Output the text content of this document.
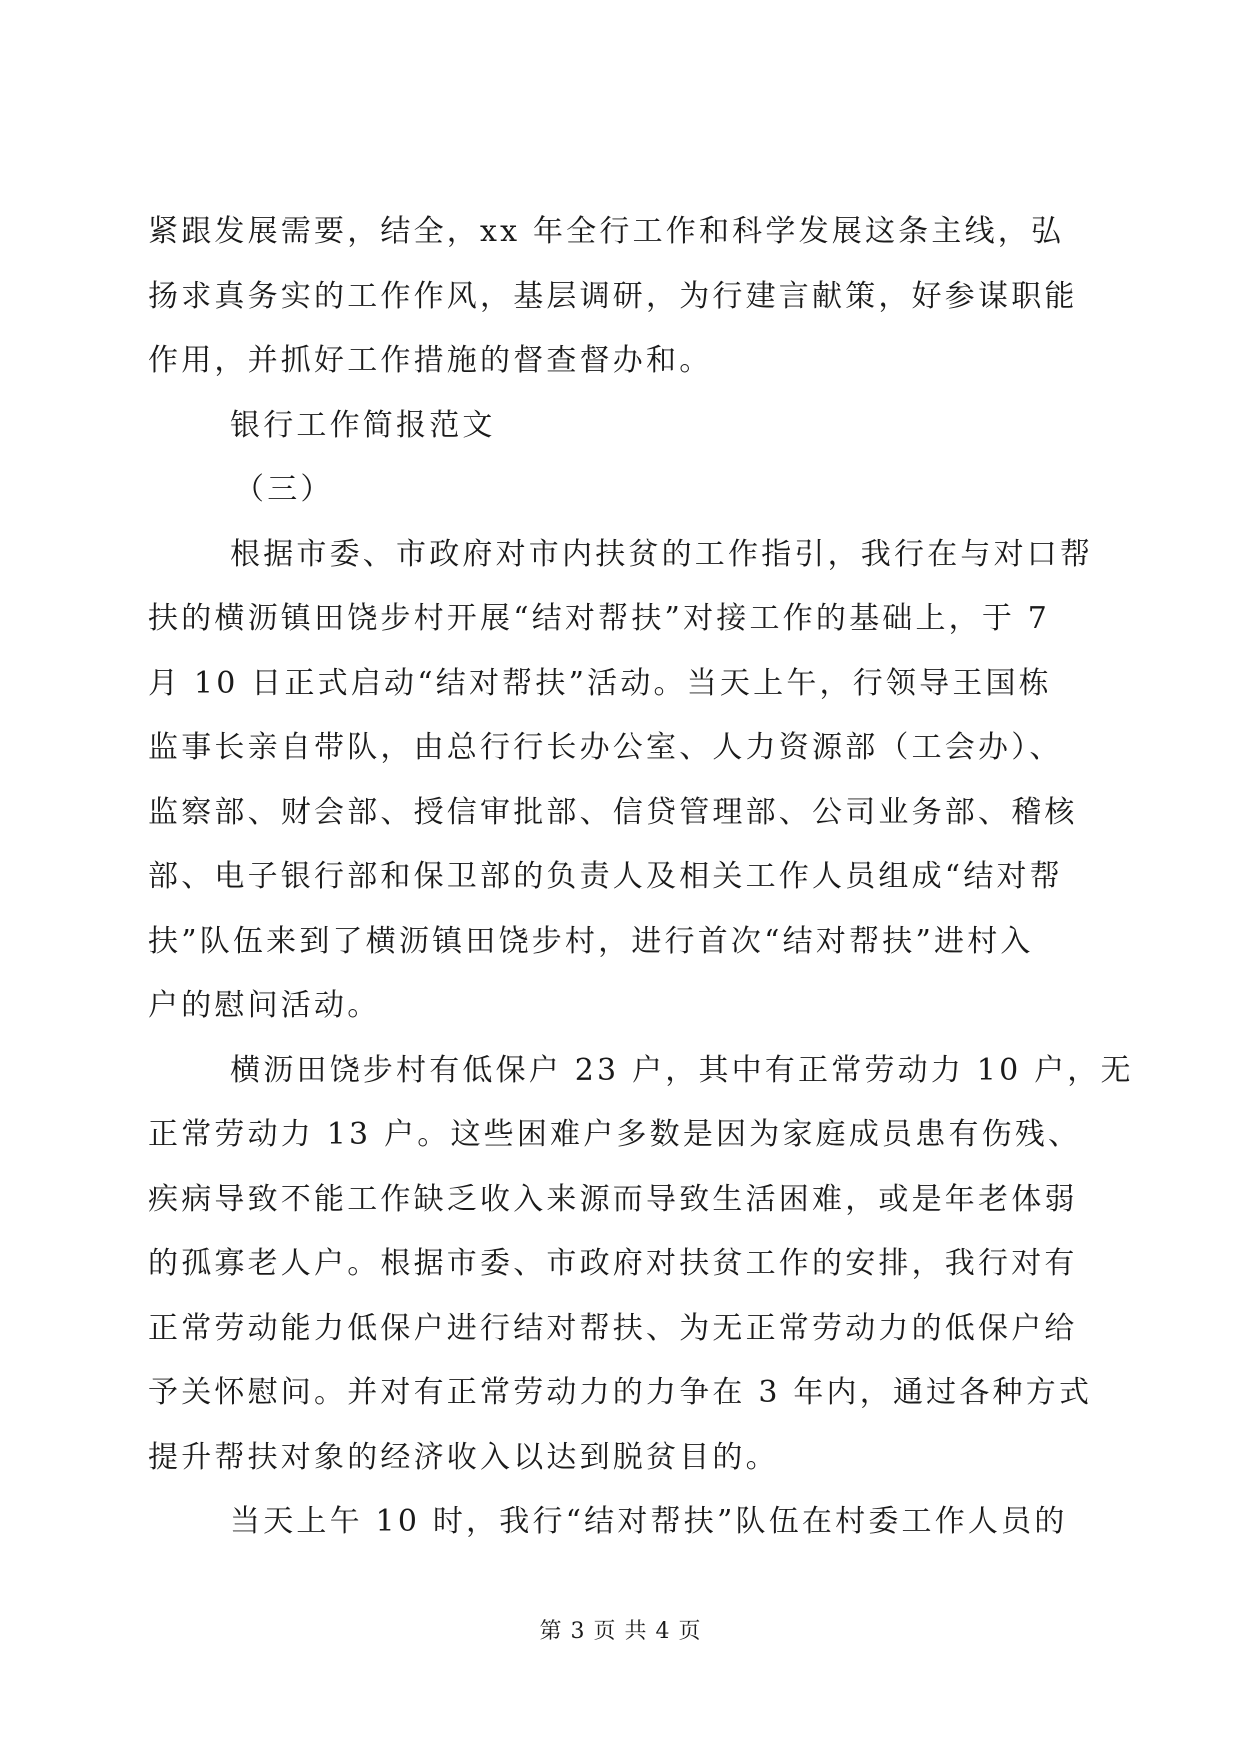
紧跟发展需要，结全，xx 年全行工作和科学发展这条主线，弘
扬求真务实的工作作风，基层调研，为行建言献策，好参谋职能
作用，并抓好工作措施的督查督办和。
银行工作简报范文
（三）
根据市委、市政府对市内扶贫的工作指引，我行在与对口帮
扶的横沥镇田饶步村开展“结对帮扶”对接工作的基础上，于 7
月 10 日正式启动“结对帮扶”活动。当天上午，行领导王国栋
监事长亲自带队，由总行行长办公室、人力资源部（工会办）、
监察部、财会部、授信审批部、信贷管理部、公司业务部、稽核
部、电子银行部和保卫部的负责人及相关工作人员组成“结对帮
扶”队伍来到了横沥镇田饶步村，进行首次“结对帮扶”进村入
户的慰问活动。
横沥田饶步村有低保户 23 户，其中有正常劳动力 10 户，无
正常劳动力 13 户。这些困难户多数是因为家庭成员患有伤残、
疾病导致不能工作缺乏收入来源而导致生活困难，或是年老体弱
的孤寡老人户。根据市委、市政府对扶贫工作的安排，我行对有
正常劳动能力低保户进行结对帮扶、为无正常劳动力的低保户给
予关怀慰问。并对有正常劳动力的力争在 3 年内，通过各种方式
提升帮扶对象的经济收入以达到脱贫目的。
当天上午 10 时，我行“结对帮扶”队伍在村委工作人员的
第 3 页 共 4 页
